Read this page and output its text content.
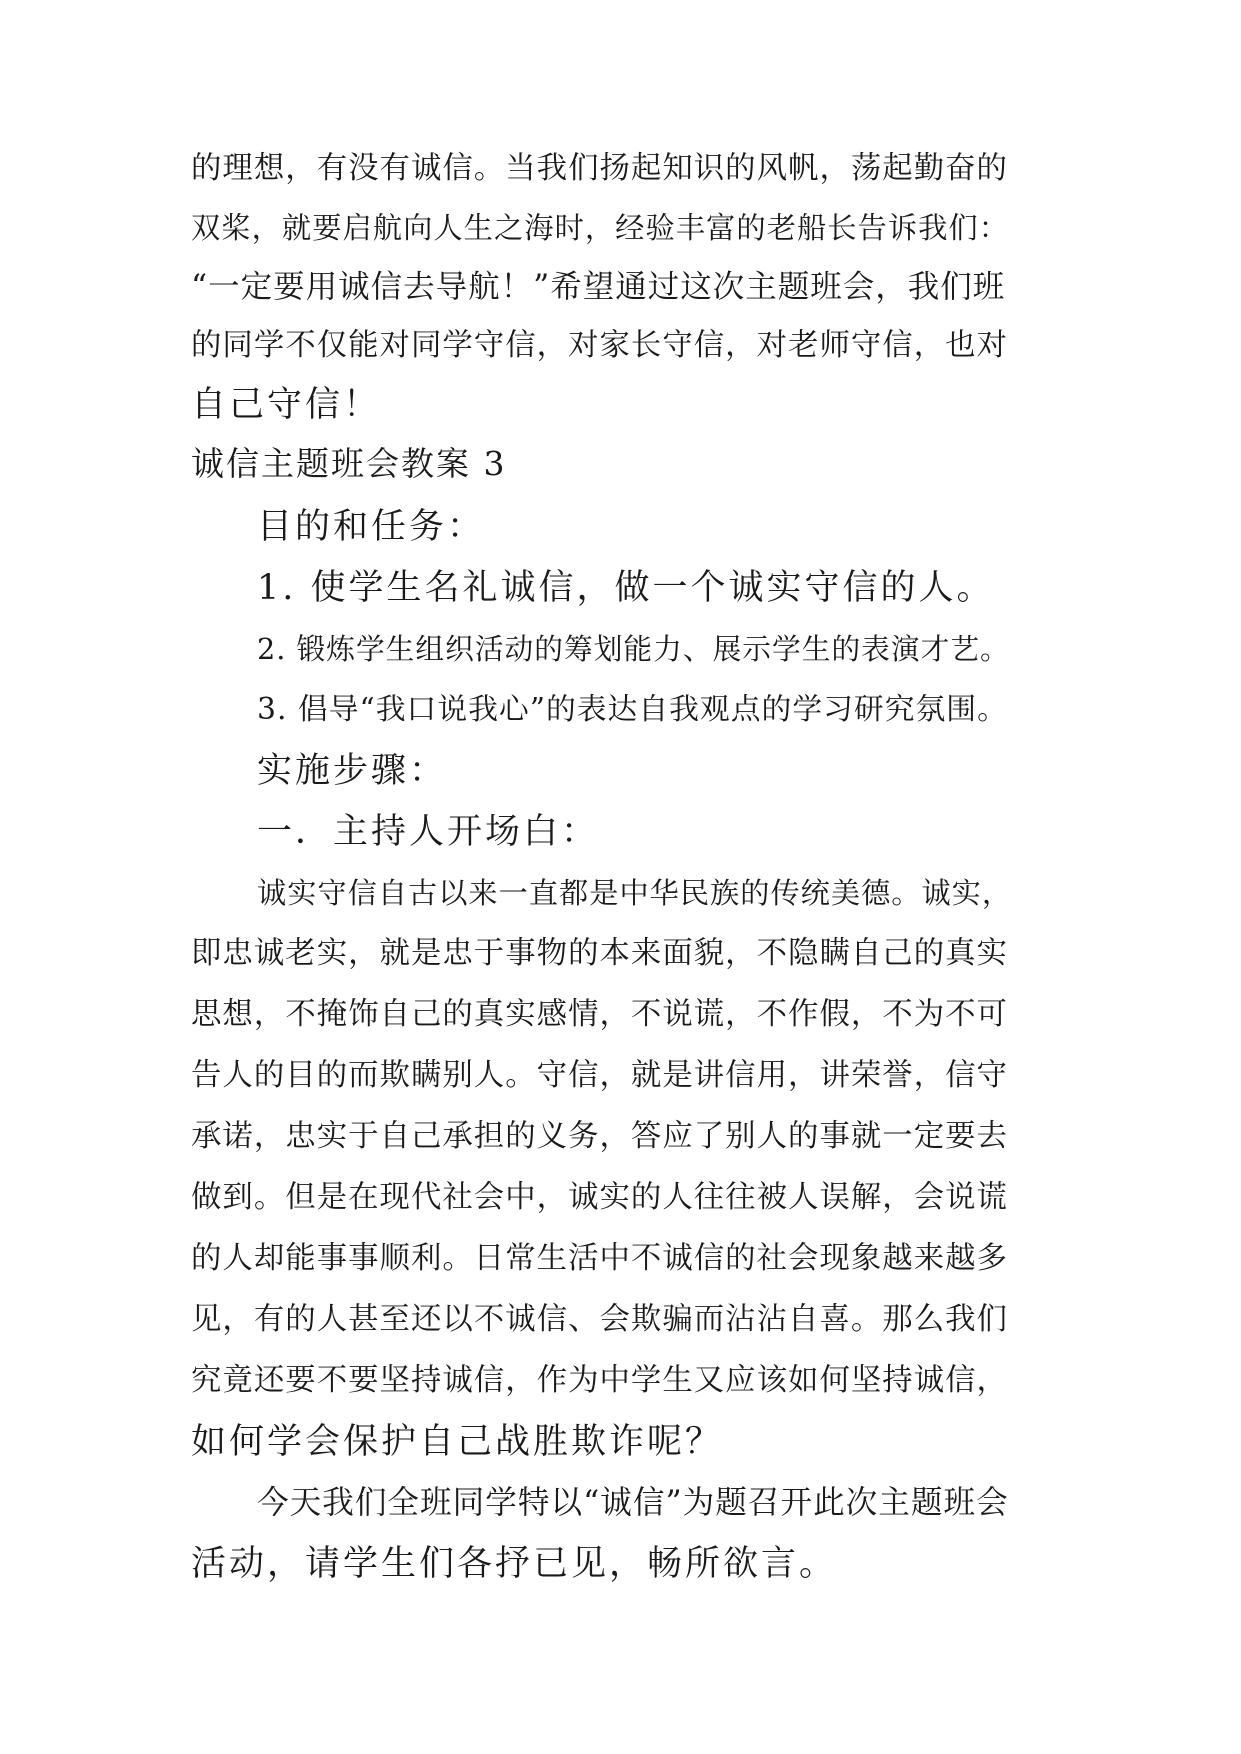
的理想，有没有诚信。当我们扬起知识的风帆，荡起勤奋的
双桨，就要启航向人生之海时，经验丰富的老船长告诉我们：
“一定要用诚信去导航！”希望通过这次主题班会，我们班
的同学不仅能对同学守信，对家长守信，对老师守信，也对
自己守信！
诚信主题班会教案 3
目的和任务：
1. 使学生名礼诚信，做一个诚实守信的人。
2. 锻炼学生组织活动的筹划能力、展示学生的表演才艺。
3. 倡导“我口说我心”的表达自我观点的学习研究氛围。
实施步骤：
一．主持人开场白：
诚实守信自古以来一直都是中华民族的传统美德。诚实，
即忠诚老实，就是忠于事物的本来面貌，不隐瞒自己的真实
思想，不掩饰自己的真实感情，不说谎，不作假，不为不可
告人的目的而欺瞒别人。守信，就是讲信用，讲荣誉，信守
承诺，忠实于自己承担的义务，答应了别人的事就一定要去
做到。但是在现代社会中，诚实的人往往被人误解，会说谎
的人却能事事顺利。日常生活中不诚信的社会现象越来越多
见，有的人甚至还以不诚信、会欺骗而沾沾自喜。那么我们
究竟还要不要坚持诚信，作为中学生又应该如何坚持诚信，
如何学会保护自己战胜欺诈呢？
今天我们全班同学特以“诚信”为题召开此次主题班会
活动，请学生们各抒已见，畅所欲言。
